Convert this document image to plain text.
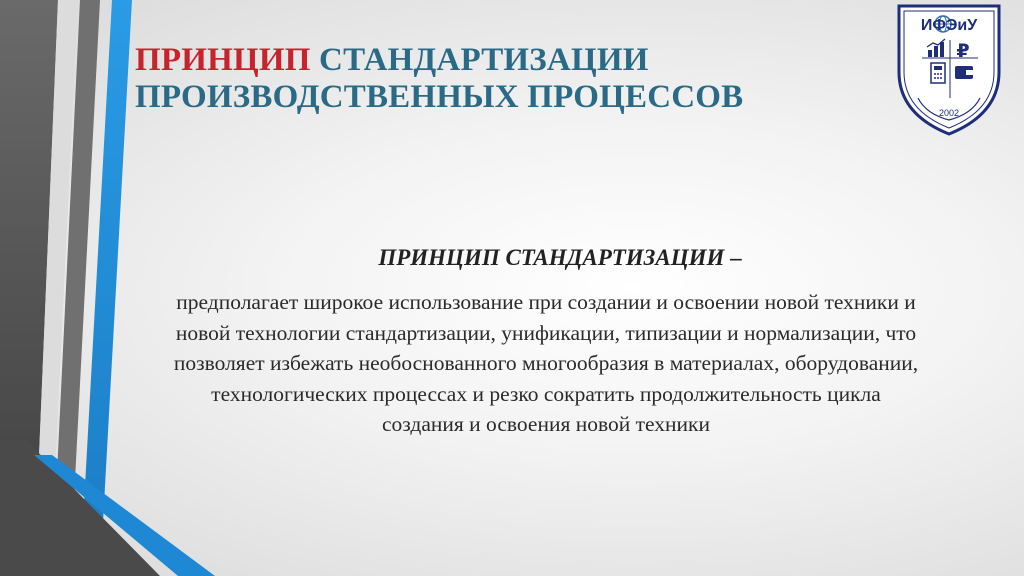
ПРИНЦИП СТАНДАРТИЗАЦИИ
ПРОИЗВОДСТВЕННЫХ ПРОЦЕССОВ

ПРИНЦИП СТАНДАРТИЗАЦИИ –

предполагает широкое использование при создании и освоении новой техники и
новой технологии стандартизации, унификации, типизации и нормализации, что
позволяет избежать необоснованного многообразия в материалах, оборудовании,
технологических процессах и резко сократить продолжительность цикла
создания и освоения новой техники

ИФЭиУ
₽
2002
